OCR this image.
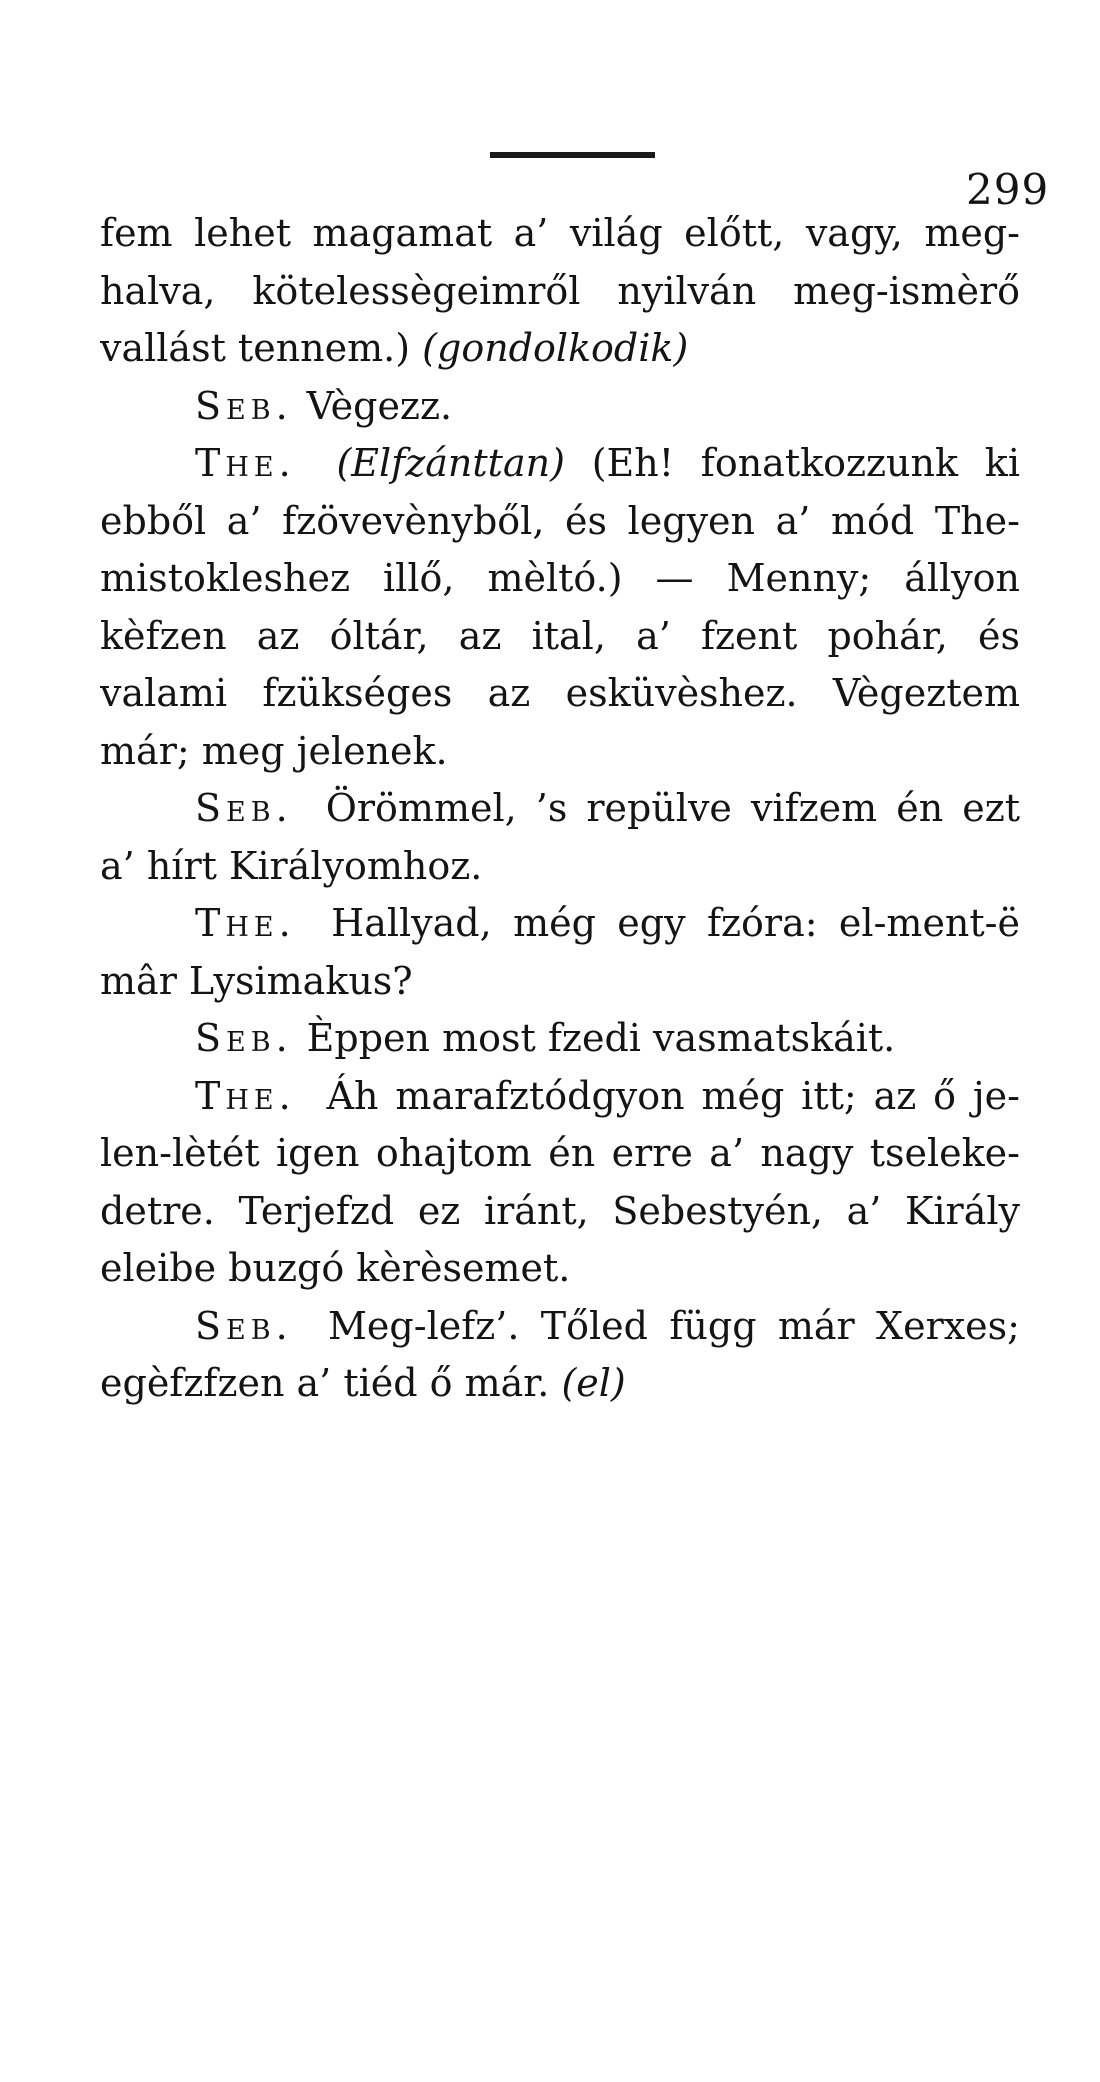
299
fem lehet magamat a’ világ előtt, vagy, meg-
halva, kötelessègeimről nyilván meg-ismèrő
vallást tennem.) (gondolkodik)
Seb. Vègezz.
The. (Elfzánttan) (Eh! fonatkozzunk ki
ebből a’ fzövevènyből, és legyen a’ mód The-
mistokleshez illő, mèltó.) — Menny; állyon
kèfzen az óltár, az ital, a’ fzent pohár, és
valami fzükséges az esküvèshez. Vègeztem
már; meg jelenek.
Seb. Örömmel, ’s repülve vifzem én ezt
a’ hírt Királyomhoz.
The. Hallyad, még egy fzóra: el-ment-ë
mâr Lysimakus?
Seb. Èppen most fzedi vasmatskáit.
The. Áh marafztódgyon még itt; az ő je-
len-lètét igen ohajtom én erre a’ nagy tseleke-
detre. Terjefzd ez iránt, Sebestyén, a’ Király
eleibe buzgó kèrèsemet.
Seb. Meg-lefz’. Tőled függ már Xerxes;
egèfzfzen a’ tiéd ő már. (el)
